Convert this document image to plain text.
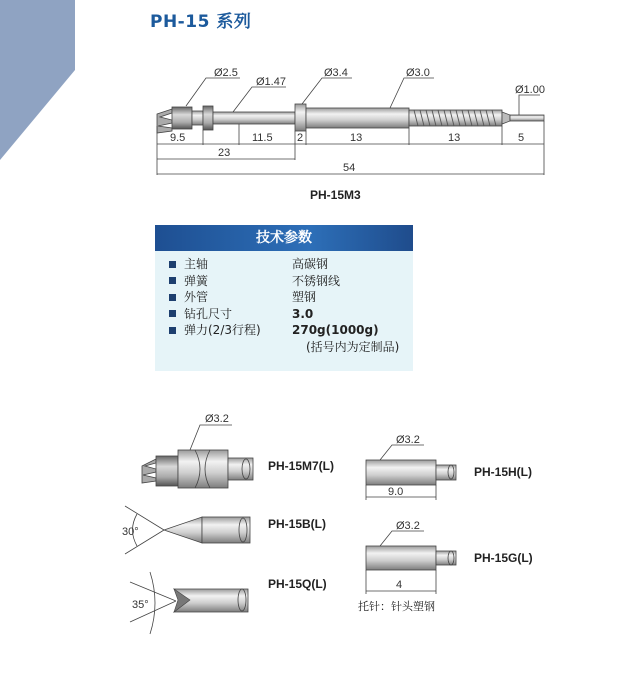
PH-15 系列
Ø2.5
Ø1.47
Ø3.4	Ø3.0
Ø1.00
9.5	11.5 2	13	13	5
23
54
Ø3.2
PH-15M7(L)
30°
PH-15B(L)
35°
PH-15Q(L)
Ø3.2
9.0
PH-15H(L)
Ø3.2
4
PH-15G(L)
PH-15M3
技术参数
主轴	高碳钢
弹簧	不锈钢线
外管	塑钢
钻孔尺寸	3.0
弹力(2/3行程)	270g(1000g)
(括号内为定制品)
托针：针头塑钢
